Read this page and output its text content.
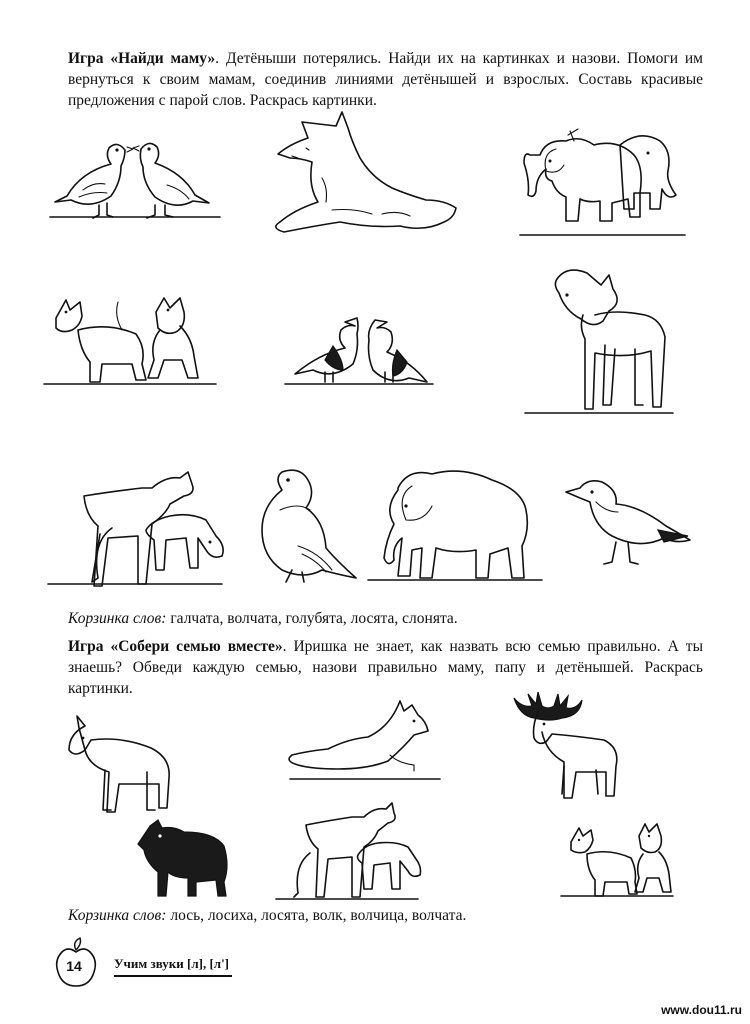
Игра «Найди маму». Детёныши потерялись. Найди их на картинках и назови. Помоги им вернуться к своим мамам, соединив линиями детёнышей и взрослых. Составь красивые предложения с парой слов. Раскрась картинки.

Корзинка слов: галчата, волчата, голубята, лосята, слонята.

Игра «Собери семью вместе». Иришка не знает, как назвать всю семью правильно. А ты знаешь? Обведи каждую семью, назови правильно маму, папу и детёнышей. Раскрась картинки.

Корзинка слов: лось, лосиха, лосята, волк, волчица, волчата.

14	Учим звуки [л], [л']
www.dou11.ru
